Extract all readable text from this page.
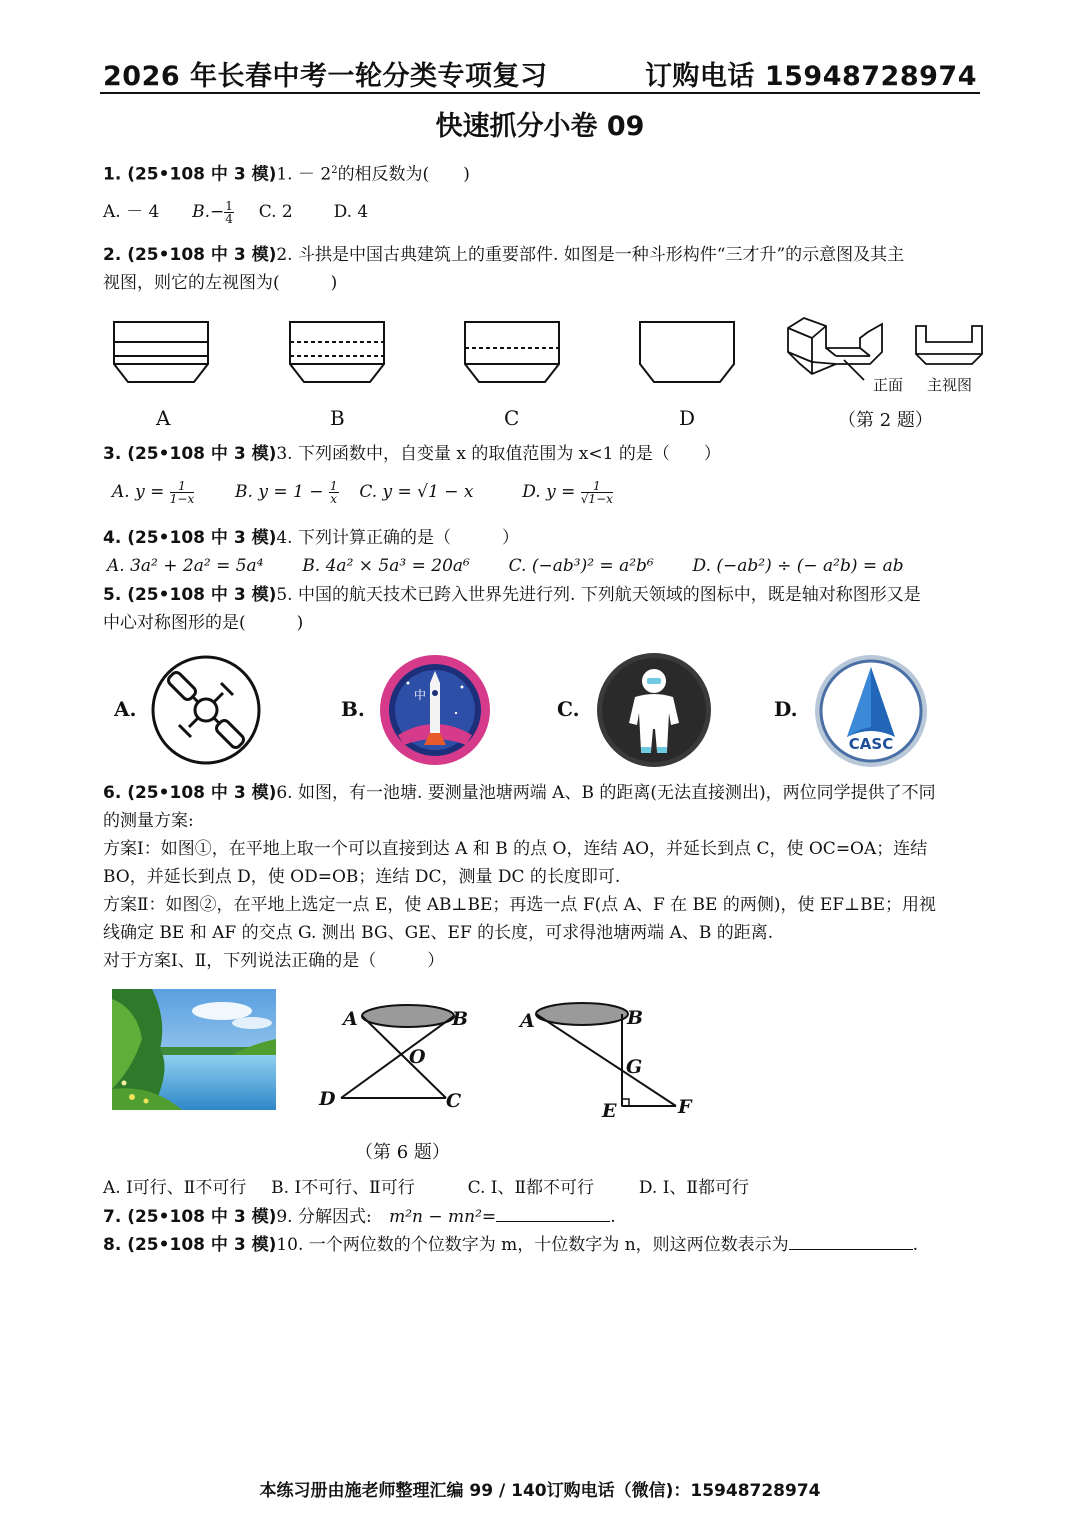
2026 年长春中考一轮分类专项复习	订购电话 15948728974
快速抓分小卷 09
1. (25•108 中 3 模)1. － $2^2$的相反数为(　　)
A. － 4 $B.- \frac{1}{4} C$. 2 D. 4
2. (25•108 中 3 模)2. 斗拱是中国古典建筑上的重要部件. 如图是一种斗形构件“三才升”的示意图及其主
视图，则它的左视图为(　　　)
正面 主视图
A	B	C	D	（第 2 题）
3. (25•108 中 3 模)3. 下列函数中，自变量 x 的取值范围为 x<1 的是（　　）
A. $y = \frac{1}{1-x} B$. $y = 1 - \frac{1}{x} C$. y = √1 − x	D. $y = \frac{1}{√1-x}$
4. (25•108 中 3 模)4. 下列计算正确的是（　　　）
A. 3a² + 2a² = 5a⁴ B. 4a² × 5a³ = 20a⁶ C. (−ab³)² = a²b⁶ D. (−ab²) ÷ (− a²b) = ab
5. (25•108 中 3 模)5. 中国的航天技术已跨入世界先进行列. 下列航天领域的图标中，既是轴对称图形又是
中心对称图形的是(　　　)
A.	B.	C.	D.
中
CASC
6. (25•108 中 3 模)6. 如图，有一池塘. 要测量池塘两端 A、B 的距离(无法直接测出)，两位同学提供了不同
的测量方案:
方案Ⅰ：如图①，在平地上取一个可以直接到达 A 和 B 的点 O，连结 AO，并延长到点 C，使 OC=OA；连结
BO，并延长到点 D，使 OD=OB；连结 DC，测量 DC 的长度即可.
方案Ⅱ：如图②，在平地上选定一点 E，使 AB⊥BE；再选一点 F(点 A、F 在 BE 的两侧)，使 EF⊥BE；用视
线确定 BE 和 AF 的交点 G. 测出 BG、GE、EF 的长度，可求得池塘两端 A、B 的距离.
对于方案Ⅰ、Ⅱ，下列说法正确的是（　　　）
A	B
O
D	C
A	B
G
E	F
（第 6 题）
A. Ⅰ可行、Ⅱ不可行 B. Ⅰ不可行、Ⅱ可行	C. Ⅰ、Ⅱ都不可行	D. Ⅰ、Ⅱ都可行
7. (25•108 中 3 模)9. 分解因式: m²n − mn²=	.
8. (25•108 中 3 模)10. 一个两位数的个位数字为 m，十位数字为 n，则这两位数表示为	.
本练习册由施老师整理汇编 99 / 140订购电话（微信)：15948728974
